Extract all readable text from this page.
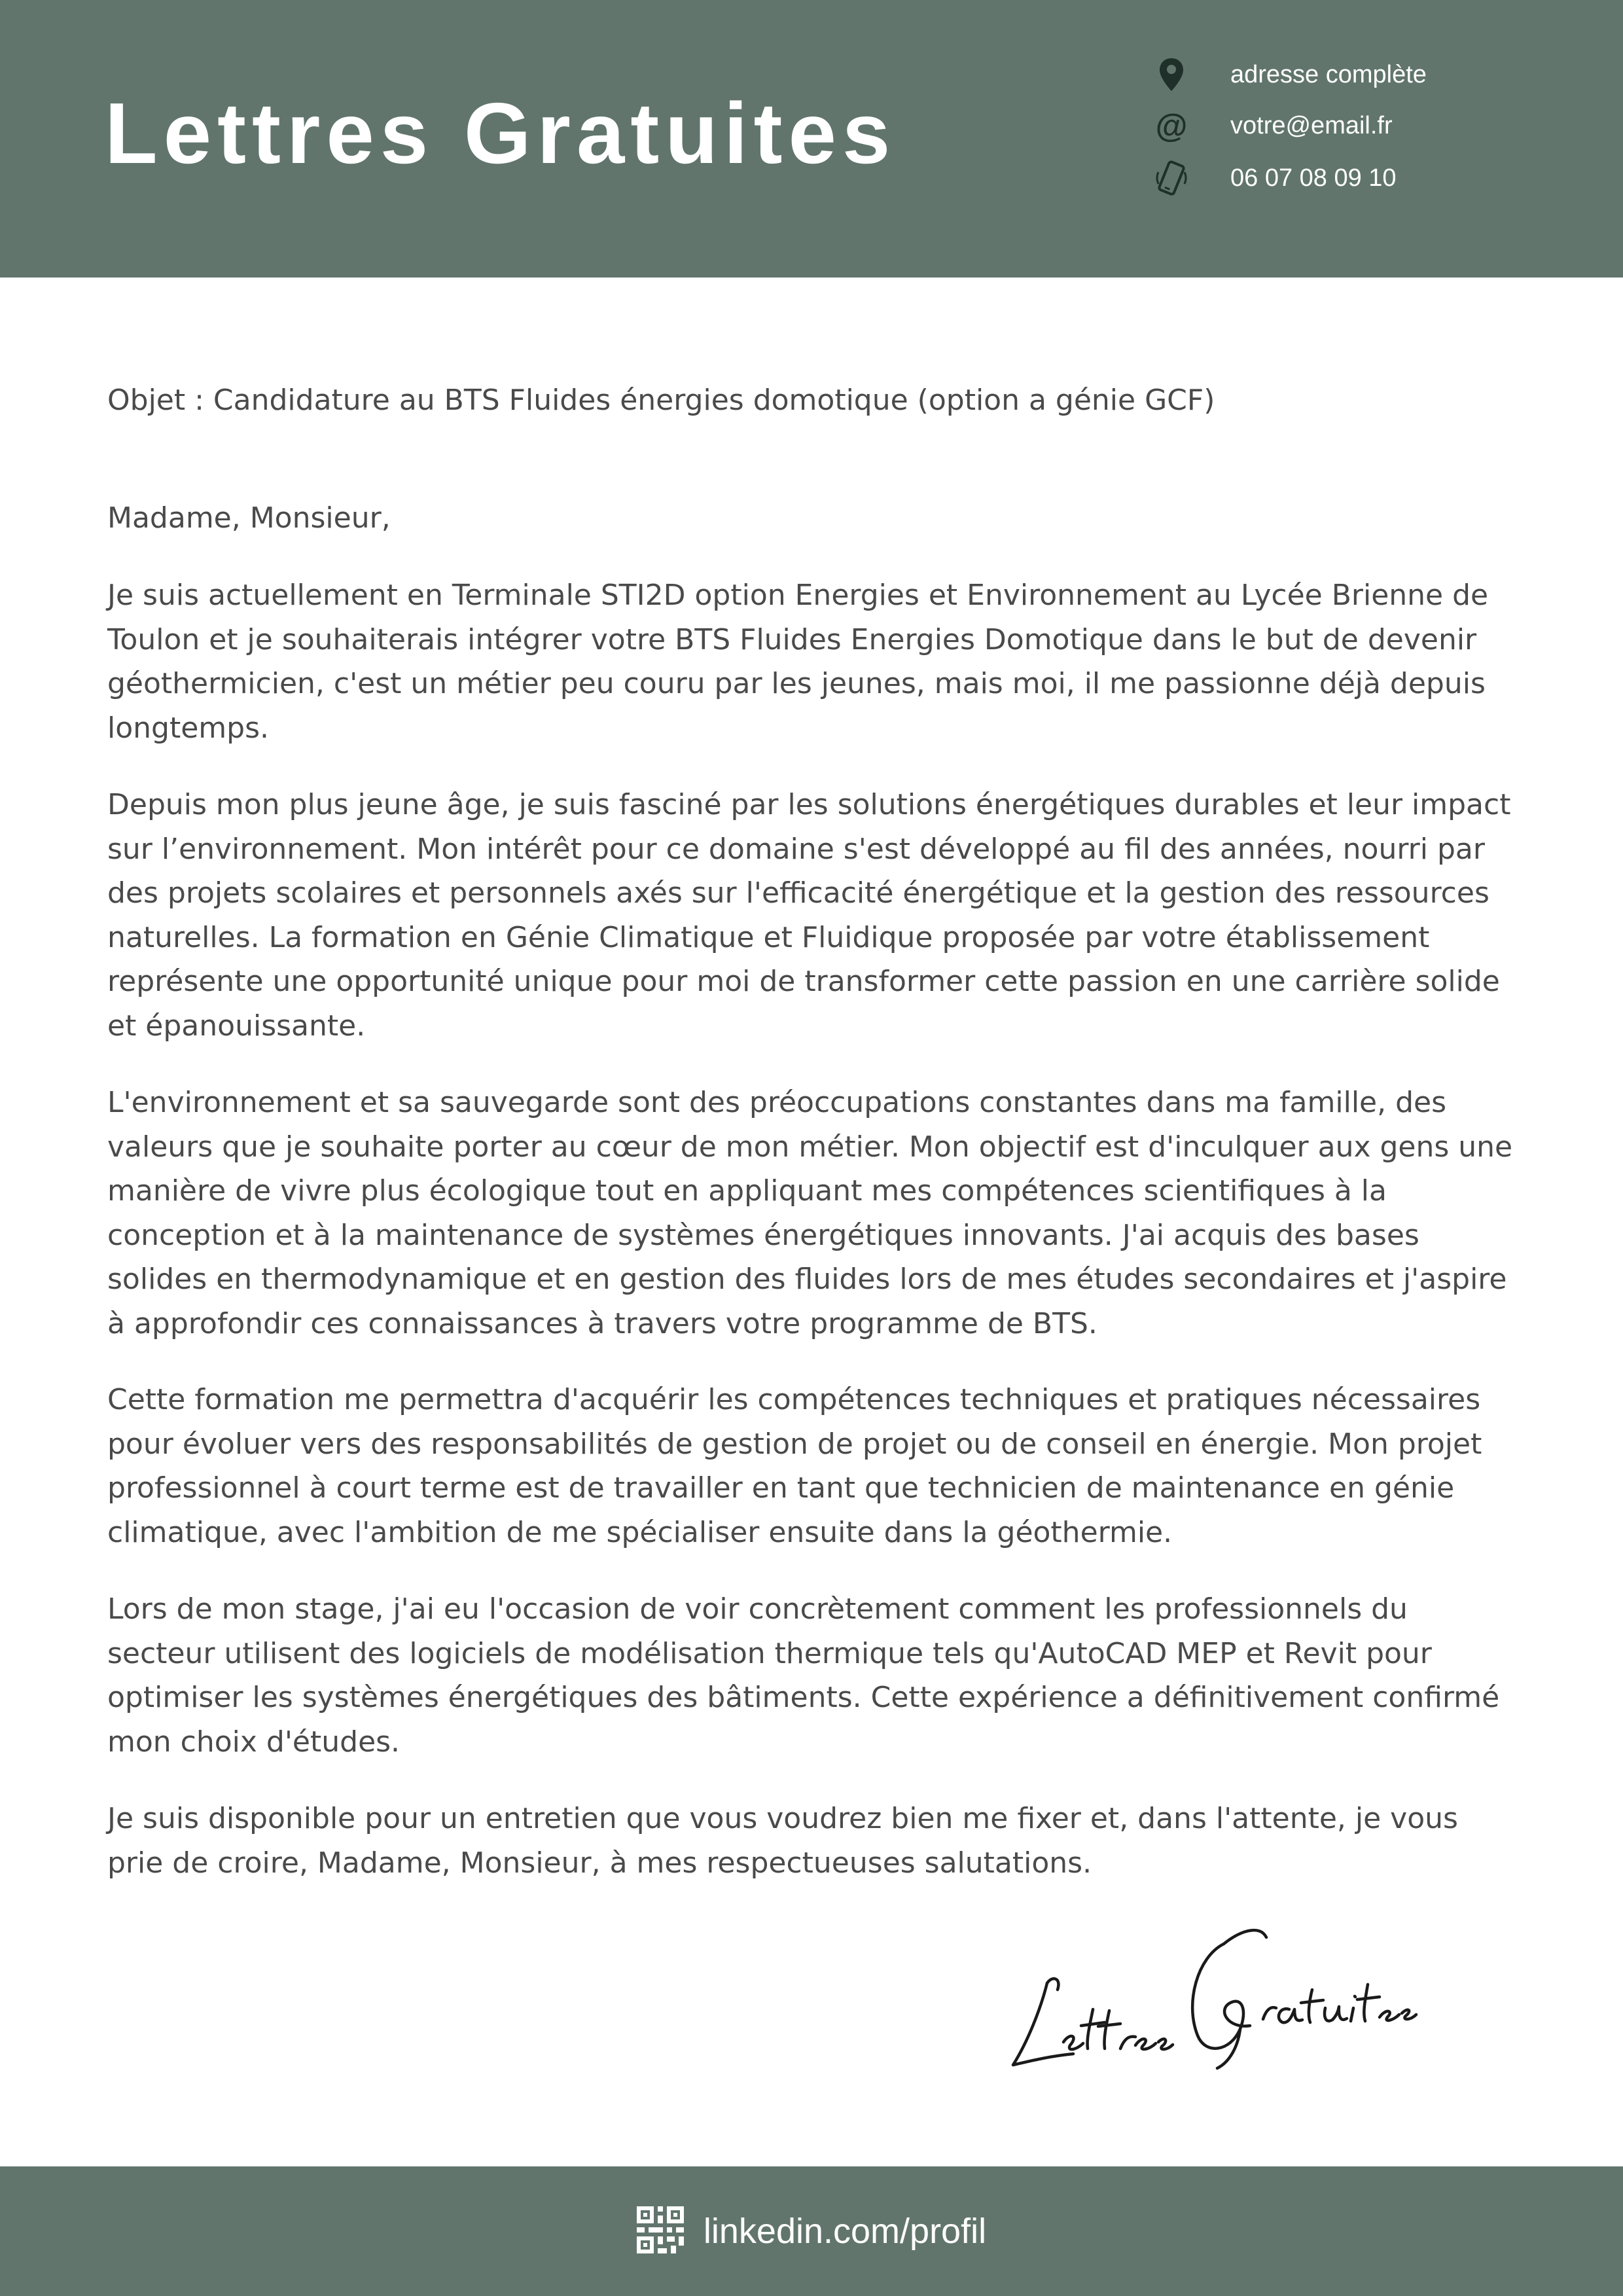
Lettres Gratuites
adresse complète
@ votre@email.fr
06 07 08 09 10
Objet : Candidature au BTS Fluides énergies domotique (option a génie GCF)
Madame, Monsieur,

Je suis actuellement en Terminale STI2D option Energies et Environnement au Lycée Brienne de Toulon et je souhaiterais intégrer votre BTS Fluides Energies Domotique dans le but de devenir géothermicien, c'est un métier peu couru par les jeunes, mais moi, il me passionne déjà depuis longtemps.

Depuis mon plus jeune âge, je suis fasciné par les solutions énergétiques durables et leur impact sur l’environnement. Mon intérêt pour ce domaine s'est développé au fil des années, nourri par des projets scolaires et personnels axés sur l'efficacité énergétique et la gestion des ressources naturelles. La formation en Génie Climatique et Fluidique proposée par votre établissement représente une opportunité unique pour moi de transformer cette passion en une carrière solide et épanouissante.

L'environnement et sa sauvegarde sont des préoccupations constantes dans ma famille, des valeurs que je souhaite porter au cœur de mon métier. Mon objectif est d'inculquer aux gens une manière de vivre plus écologique tout en appliquant mes compétences scientifiques à la conception et à la maintenance de systèmes énergétiques innovants. J'ai acquis des bases solides en thermodynamique et en gestion des fluides lors de mes études secondaires et j'aspire à approfondir ces connaissances à travers votre programme de BTS.

Cette formation me permettra d'acquérir les compétences techniques et pratiques nécessaires pour évoluer vers des responsabilités de gestion de projet ou de conseil en énergie. Mon projet professionnel à court terme est de travailler en tant que technicien de maintenance en génie climatique, avec l'ambition de me spécialiser ensuite dans la géothermie.

Lors de mon stage, j'ai eu l'occasion de voir concrètement comment les professionnels du secteur utilisent des logiciels de modélisation thermique tels qu'AutoCAD MEP et Revit pour optimiser les systèmes énergétiques des bâtiments. Cette expérience a définitivement confirmé mon choix d'études.

Je suis disponible pour un entretien que vous voudrez bien me fixer et, dans l'attente, je vous prie de croire, Madame, Monsieur, à mes respectueuses salutations.

linkedin.com/profil
